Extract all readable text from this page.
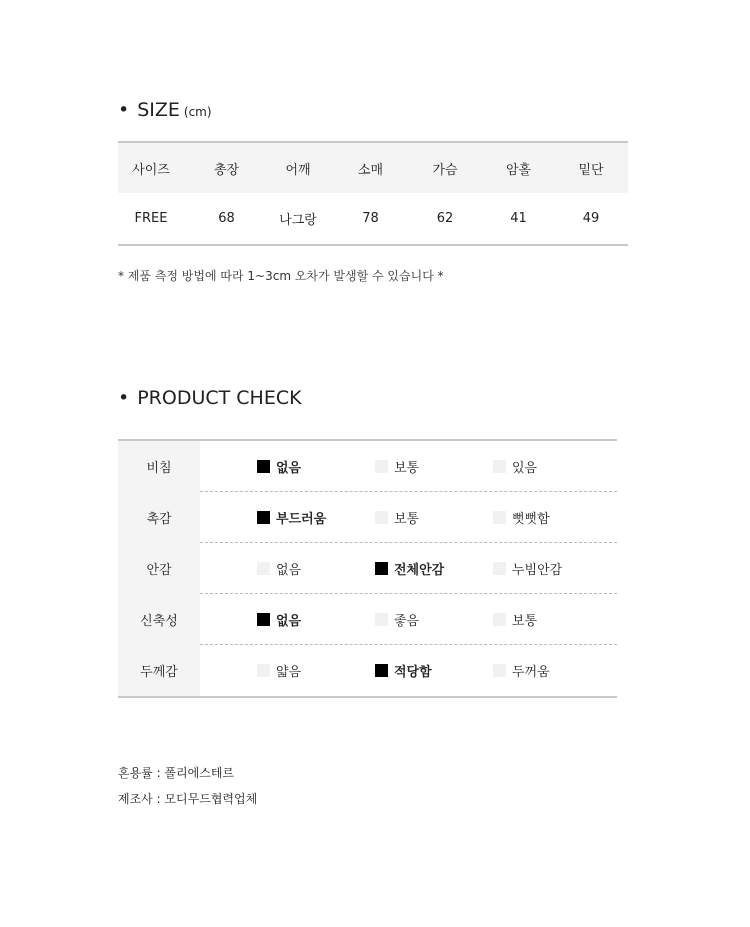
• SIZE (cm)
사이즈	총장	어깨	소매	가슴	암홀	밑단
FREE	68	나그랑	78	62	41	49
* 제품 측정 방법에 따라 1~3cm 오차가 발생할 수 있습니다 *
• PRODUCT CHECK
비침	없음	보통	있음
촉감	부드러움	보통	뻣뻣함
안감	없음	전체안감	누빔안감
신축성	없음	좋음	보통
두께감	얇음	적당함	두꺼움
혼용률 : 폴리에스테르
제조사 : 모디무드협력업체
